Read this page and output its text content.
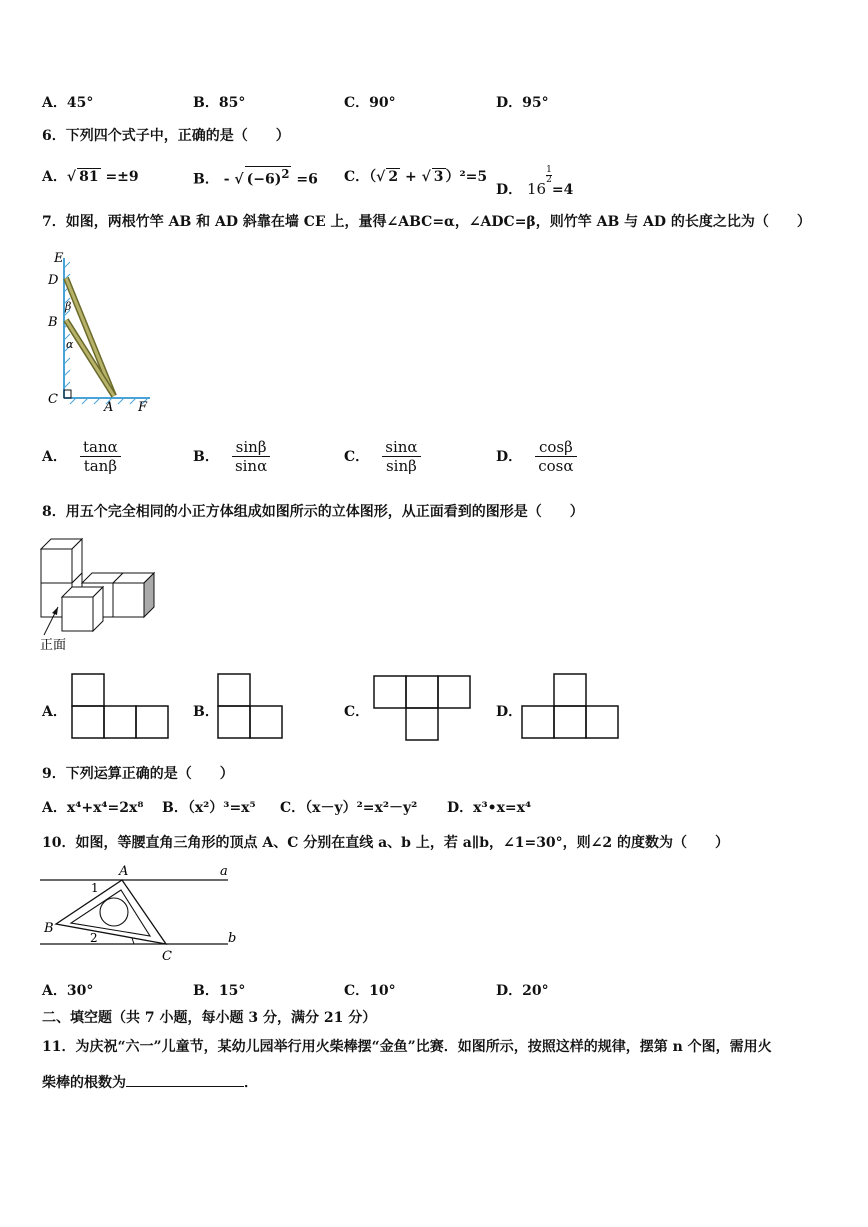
A．45°	B．85°	C．90°	D．95°
6．下列四个式子中，正确的是（　　）
A．√ 81 =±9	B． - √ $(-6)^2 =6$ C．（√ 2 + √ 3 ）²=5
D． 16
$\frac{1}{2}$
=4
7．如图，两根竹竿 AB 和 AD 斜靠在墙 CE 上，量得∠ABC=α，∠ADC=β，则竹竿 AB 与 AD 的长度之比为（　　）
E
D
B
C
A F
β
α
A． $\frac{\tan\alpha}{\tan\beta}$	B． $\frac{\sin\beta}{\sin\alpha}$	C． $\frac{\sin\alpha}{\sin\beta}$	D． $\frac{\cos\beta}{\cos\alpha}$
8．用五个完全相同的小正方体组成如图所示的立体图形，从正面看到的图形是（　　）
正面
A．	B．	C．	D．
9．下列运算正确的是（　　）
A．x⁴+x⁴=2x⁸ B．（x²）³=x⁵ C．（x－y）²=x²－y² D．x³•x=x⁴
10．如图，等腰直角三角形的顶点 A、C 分别在直线 a、b 上，若 a∥b，∠1=30°，则∠2 的度数为（　　）
A	a
B
C
b
1
2
A．30°	B．15°	C．10°	D．20°
二、填空题（共 7 小题，每小题 3 分，满分 21 分）
11．为庆祝“六一”儿童节，某幼儿园举行用火柴棒摆“金鱼”比赛．如图所示，按照这样的规律，摆第 n 个图，需用火
柴棒的根数为	．
